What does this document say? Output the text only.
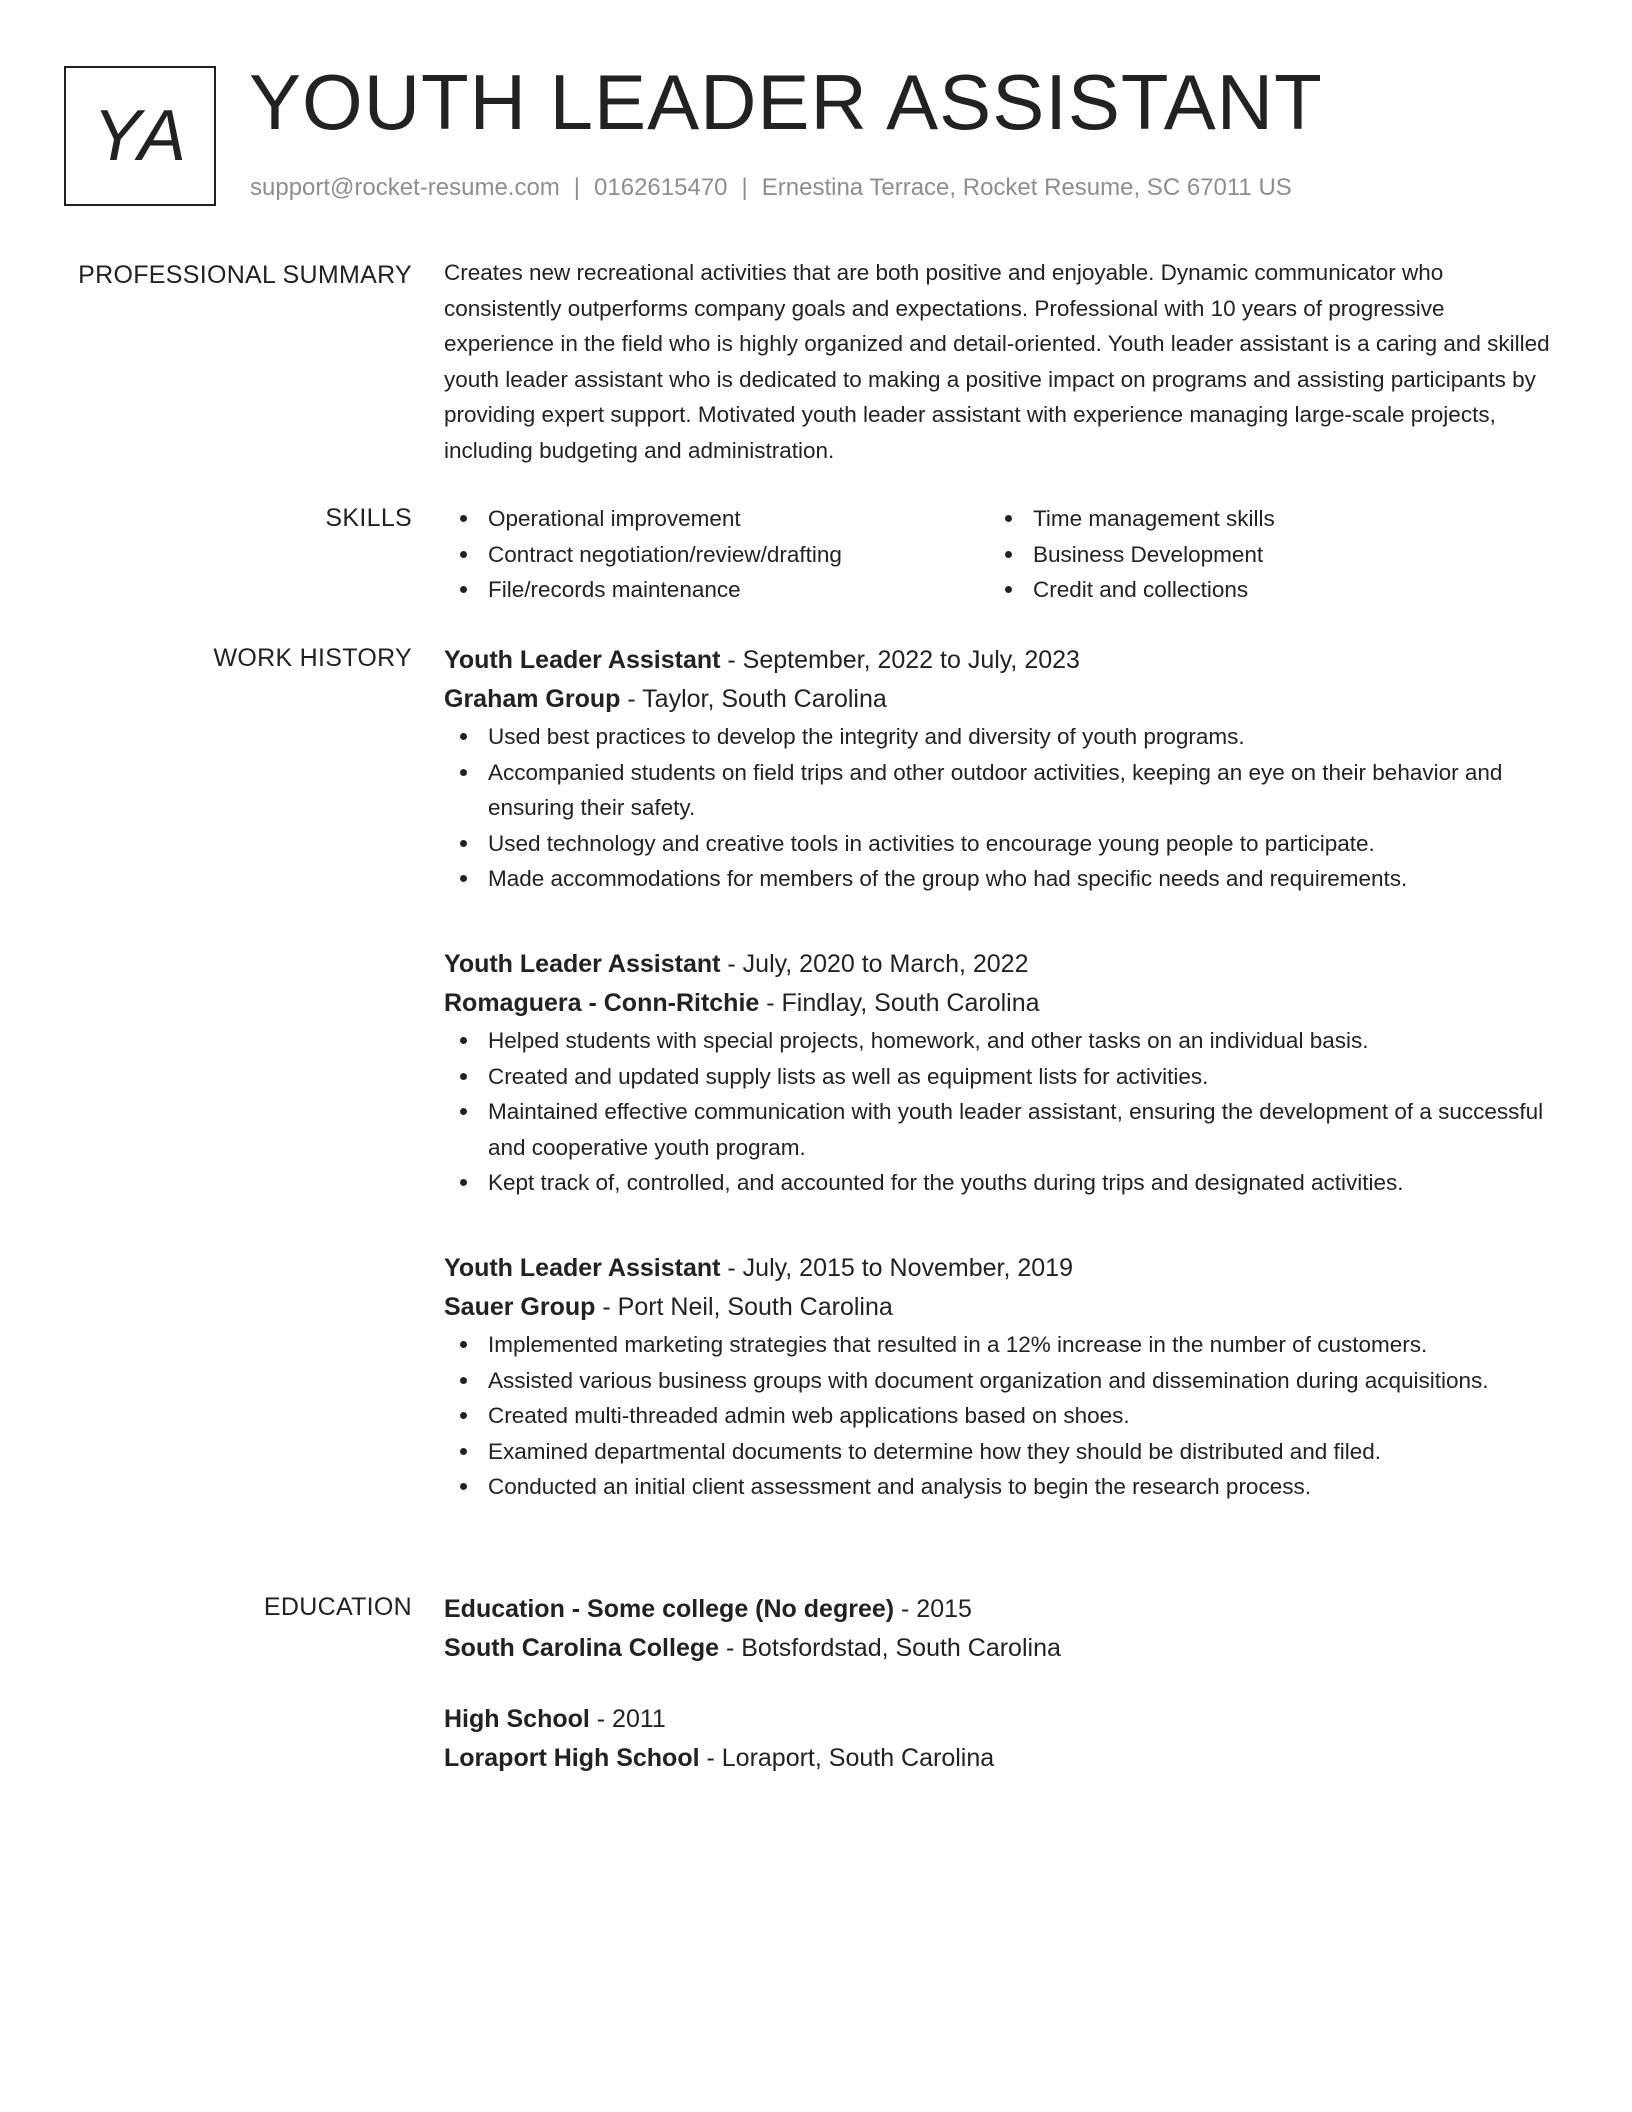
YA YOUTH LEADER ASSISTANT
support@rocket-resume.com | 0162615470 | Ernestina Terrace, Rocket Resume, SC 67011 US
PROFESSIONAL SUMMARY Creates new recreational activities that are both positive and enjoyable. Dynamic communicator who consistently outperforms company goals and expectations. Professional with 10 years of progressive experience in the field who is highly organized and detail-oriented. Youth leader assistant is a caring and skilled youth leader assistant who is dedicated to making a positive impact on programs and assisting participants by providing expert support. Motivated youth leader assistant with experience managing large-scale projects, including budgeting and administration.

SKILLS	Operational improvement
Contract negotiation/review/drafting
File/records maintenance
Time management skills
Business Development
Credit and collections
WORK HISTORY Youth Leader Assistant - September, 2022 to July, 2023
Graham Group - Taylor, South Carolina
Used best practices to develop the integrity and diversity of youth programs.
Accompanied students on field trips and other outdoor activities, keeping an eye on their behavior and ensuring their safety.
Used technology and creative tools in activities to encourage young people to participate.
Made accommodations for members of the group who had specific needs and requirements.
Youth Leader Assistant - July, 2020 to March, 2022
Romaguera - Conn-Ritchie - Findlay, South Carolina
Helped students with special projects, homework, and other tasks on an individual basis.
Created and updated supply lists as well as equipment lists for activities.
Maintained effective communication with youth leader assistant, ensuring the development of a successful and cooperative youth program.
Kept track of, controlled, and accounted for the youths during trips and designated activities.
Youth Leader Assistant - July, 2015 to November, 2019
Sauer Group - Port Neil, South Carolina
Implemented marketing strategies that resulted in a 12% increase in the number of customers.
Assisted various business groups with document organization and dissemination during acquisitions.
Created multi-threaded admin web applications based on shoes.
Examined departmental documents to determine how they should be distributed and filed.
Conducted an initial client assessment and analysis to begin the research process.
EDUCATION Education - Some college (No degree) - 2015
South Carolina College - Botsfordstad, South Carolina
High School - 2011
Loraport High School - Loraport, South Carolina
